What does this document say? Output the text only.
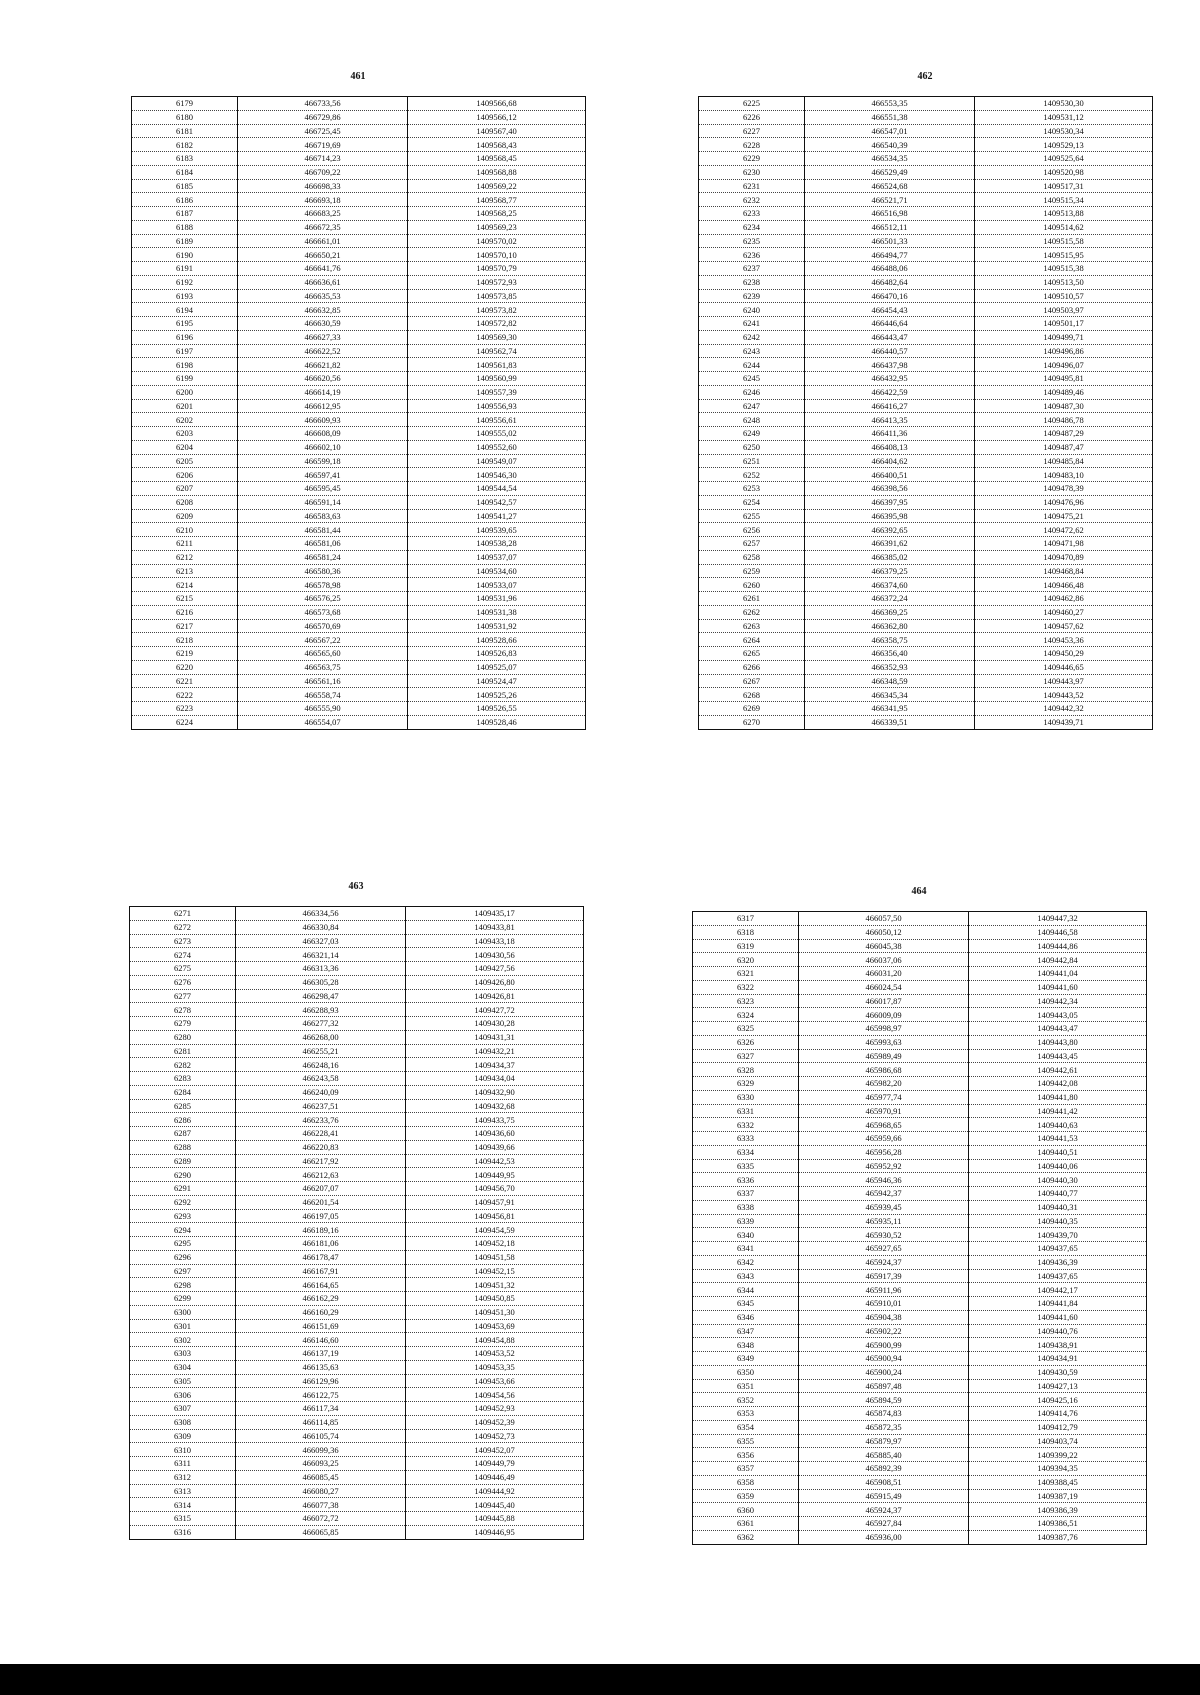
461
6179	466733,56	1409566,68
6180	466729,86	1409566,12
6181	466725,45	1409567,40
6182	466719,69	1409568,43
6183	466714,23	1409568,45
6184	466709,22	1409568,88
6185	466698,33	1409569,22
6186	466693,18	1409568,77
6187	466683,25	1409568,25
6188	466672,35	1409569,23
6189	466661,01	1409570,02
6190	466650,21	1409570,10
6191	466641,76	1409570,79
6192	466636,61	1409572,93
6193	466635,53	1409573,85
6194	466632,85	1409573,82
6195	466630,59	1409572,82
6196	466627,33	1409569,30
6197	466622,52	1409562,74
6198	466621,82	1409561,83
6199	466620,56	1409560,99
6200	466614,19	1409557,39
6201	466612,95	1409556,93
6202	466609,93	1409556,61
6203	466608,09	1409555,02
6204	466602,10	1409552,60
6205	466599,18	1409549,07
6206	466597,41	1409546,30
6207	466595,45	1409544,54
6208	466591,14	1409542,57
6209	466583,63	1409541,27
6210	466581,44	1409539,65
6211	466581,06	1409538,28
6212	466581,24	1409537,07
6213	466580,36	1409534,60
6214	466578,98	1409533,07
6215	466576,25	1409531,96
6216	466573,68	1409531,38
6217	466570,69	1409531,92
6218	466567,22	1409528,66
6219	466565,60	1409526,83
6220	466563,75	1409525,07
6221	466561,16	1409524,47
6222	466558,74	1409525,26
6223	466555,90	1409526,55
6224	466554,07	1409528,46
462
6225	466553,35	1409530,30
6226	466551,38	1409531,12
6227	466547,01	1409530,34
6228	466540,39	1409529,13
6229	466534,35	1409525,64
6230	466529,49	1409520,98
6231	466524,68	1409517,31
6232	466521,71	1409515,34
6233	466516,98	1409513,88
6234	466512,11	1409514,62
6235	466501,33	1409515,58
6236	466494,77	1409515,95
6237	466488,06	1409515,38
6238	466482,64	1409513,50
6239	466470,16	1409510,57
6240	466454,43	1409503,97
6241	466446,64	1409501,17
6242	466443,47	1409499,71
6243	466440,57	1409496,86
6244	466437,98	1409496,07
6245	466432,95	1409495,81
6246	466422,59	1409489,46
6247	466416,27	1409487,30
6248	466413,35	1409486,78
6249	466411,36	1409487,29
6250	466408,13	1409487,47
6251	466404,62	1409485,84
6252	466400,51	1409483,10
6253	466398,56	1409478,39
6254	466397,95	1409476,96
6255	466395,98	1409475,21
6256	466392,65	1409472,62
6257	466391,62	1409471,98
6258	466385,02	1409470,89
6259	466379,25	1409468,84
6260	466374,60	1409466,48
6261	466372,24	1409462,86
6262	466369,25	1409460,27
6263	466362,80	1409457,62
6264	466358,75	1409453,36
6265	466356,40	1409450,29
6266	466352,93	1409446,65
6267	466348,59	1409443,97
6268	466345,34	1409443,52
6269	466341,95	1409442,32
6270	466339,51	1409439,71
463
6271	466334,56	1409435,17
6272	466330,84	1409433,81
6273	466327,03	1409433,18
6274	466321,14	1409430,56
6275	466313,36	1409427,56
6276	466305,28	1409426,80
6277	466298,47	1409426,81
6278	466288,93	1409427,72
6279	466277,32	1409430,28
6280	466268,00	1409431,31
6281	466255,21	1409432,21
6282	466248,16	1409434,37
6283	466243,58	1409434,04
6284	466240,09	1409432,90
6285	466237,51	1409432,68
6286	466233,76	1409433,75
6287	466228,41	1409436,60
6288	466220,83	1409439,66
6289	466217,92	1409442,53
6290	466212,63	1409449,95
6291	466207,07	1409456,70
6292	466201,54	1409457,91
6293	466197,05	1409456,81
6294	466189,16	1409454,59
6295	466181,06	1409452,18
6296	466178,47	1409451,58
6297	466167,91	1409452,15
6298	466164,65	1409451,32
6299	466162,29	1409450,85
6300	466160,29	1409451,30
6301	466151,69	1409453,69
6302	466146,60	1409454,88
6303	466137,19	1409453,52
6304	466135,63	1409453,35
6305	466129,96	1409453,66
6306	466122,75	1409454,56
6307	466117,34	1409452,93
6308	466114,85	1409452,39
6309	466105,74	1409452,73
6310	466099,36	1409452,07
6311	466093,25	1409449,79
6312	466085,45	1409446,49
6313	466080,27	1409444,92
6314	466077,38	1409445,40
6315	466072,72	1409445,88
6316	466065,85	1409446,95
464
6317	466057,50	1409447,32
6318	466050,12	1409446,58
6319	466045,38	1409444,86
6320	466037,06	1409442,84
6321	466031,20	1409441,04
6322	466024,54	1409441,60
6323	466017,87	1409442,34
6324	466009,09	1409443,05
6325	465998,97	1409443,47
6326	465993,63	1409443,80
6327	465989,49	1409443,45
6328	465986,68	1409442,61
6329	465982,20	1409442,08
6330	465977,74	1409441,80
6331	465970,91	1409441,42
6332	465968,65	1409440,63
6333	465959,66	1409441,53
6334	465956,28	1409440,51
6335	465952,92	1409440,06
6336	465946,36	1409440,30
6337	465942,37	1409440,77
6338	465939,45	1409440,31
6339	465935,11	1409440,35
6340	465930,52	1409439,70
6341	465927,65	1409437,65
6342	465924,37	1409436,39
6343	465917,39	1409437,65
6344	465911,96	1409442,17
6345	465910,01	1409441,84
6346	465904,38	1409441,60
6347	465902,22	1409440,76
6348	465900,99	1409438,91
6349	465900,94	1409434,91
6350	465900,24	1409430,59
6351	465897,48	1409427,13
6352	465894,59	1409425,16
6353	465874,83	1409414,76
6354	465872,35	1409412,79
6355	465879,97	1409403,74
6356	465885,40	1409399,22
6357	465892,39	1409394,35
6358	465908,51	1409388,45
6359	465915,49	1409387,19
6360	465924,37	1409386,39
6361	465927,84	1409386,51
6362	465936,00	1409387,76
